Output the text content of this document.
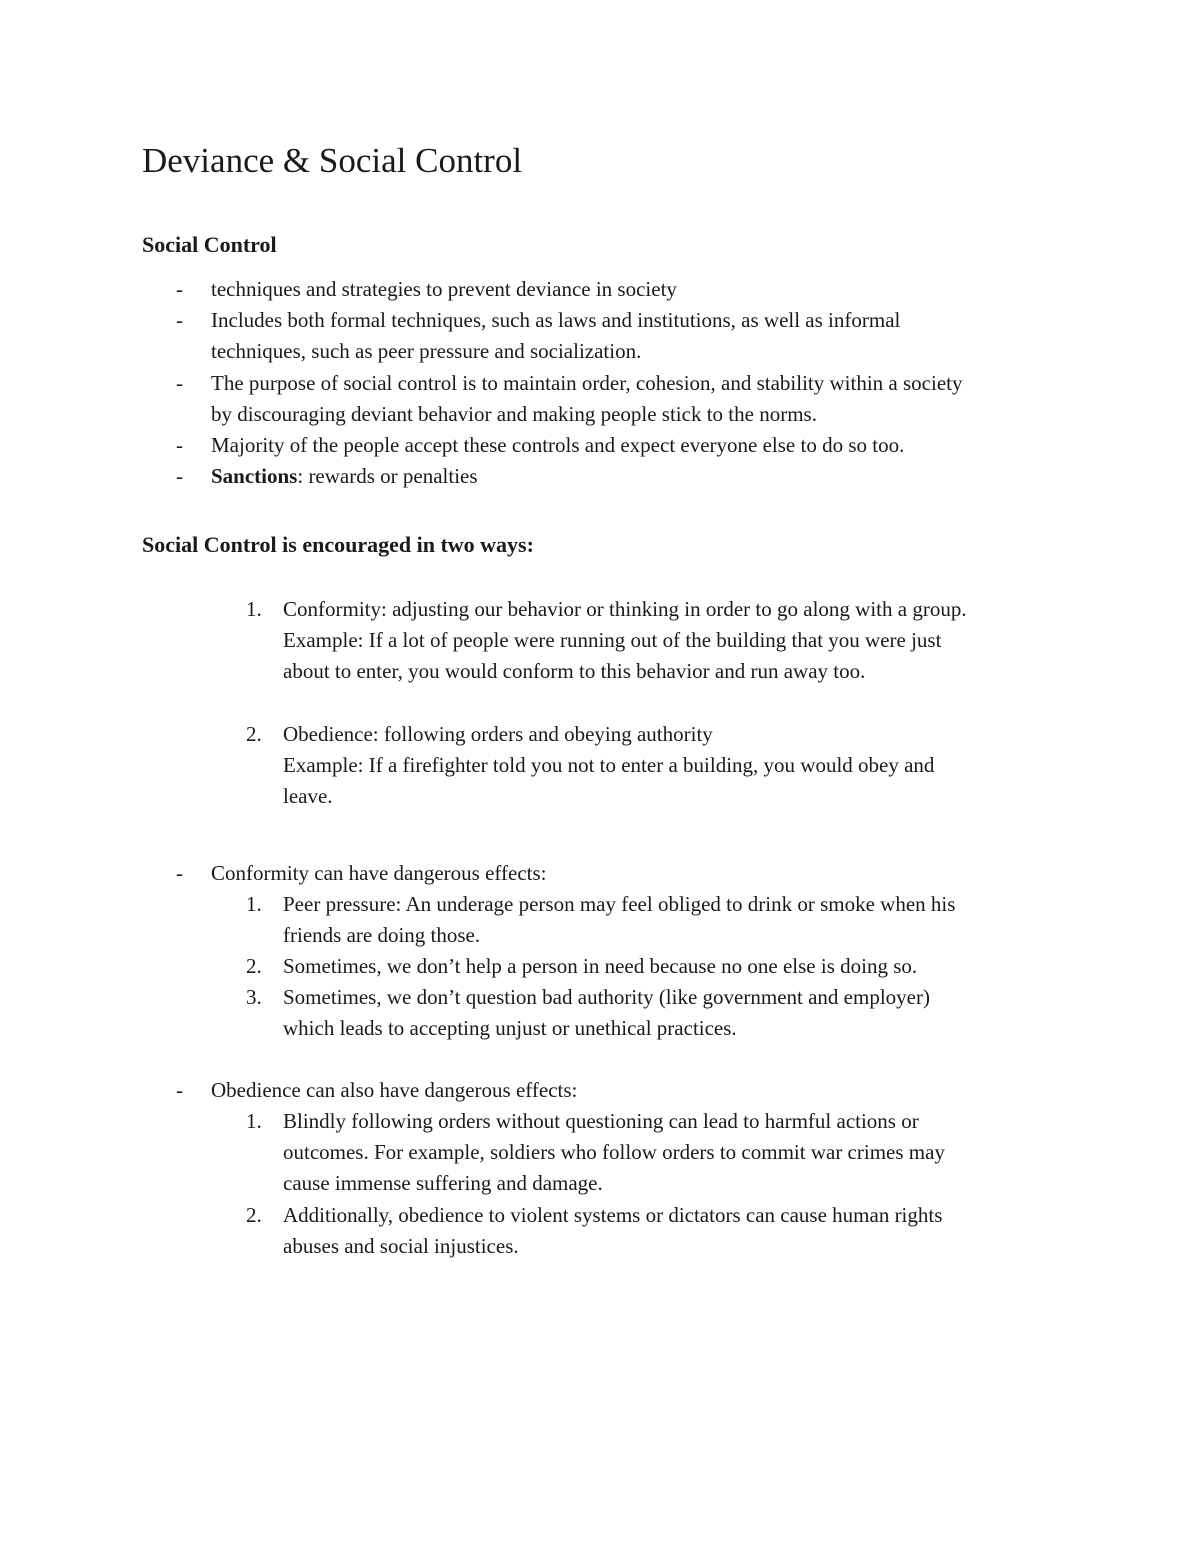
Deviance & Social Control
Social Control
- techniques and strategies to prevent deviance in society
- Includes both formal techniques, such as laws and institutions, as well as informal
techniques, such as peer pressure and socialization.
- The purpose of social control is to maintain order, cohesion, and stability within a society
by discouraging deviant behavior and making people stick to the norms.
- Majority of the people accept these controls and expect everyone else to do so too.
- Sanctions: rewards or penalties
Social Control is encouraged in two ways:
1. Conformity: adjusting our behavior or thinking in order to go along with a group.
Example: If a lot of people were running out of the building that you were just
about to enter, you would conform to this behavior and run away too.
2. Obedience: following orders and obeying authority
Example: If a firefighter told you not to enter a building, you would obey and
leave.
- Conformity can have dangerous effects:
1. Peer pressure: An underage person may feel obliged to drink or smoke when his
friends are doing those.
2. Sometimes, we don’t help a person in need because no one else is doing so.
3. Sometimes, we don’t question bad authority (like government and employer)
which leads to accepting unjust or unethical practices.
- Obedience can also have dangerous effects:
1. Blindly following orders without questioning can lead to harmful actions or
outcomes. For example, soldiers who follow orders to commit war crimes may
cause immense suffering and damage.
2. Additionally, obedience to violent systems or dictators can cause human rights
abuses and social injustices.
